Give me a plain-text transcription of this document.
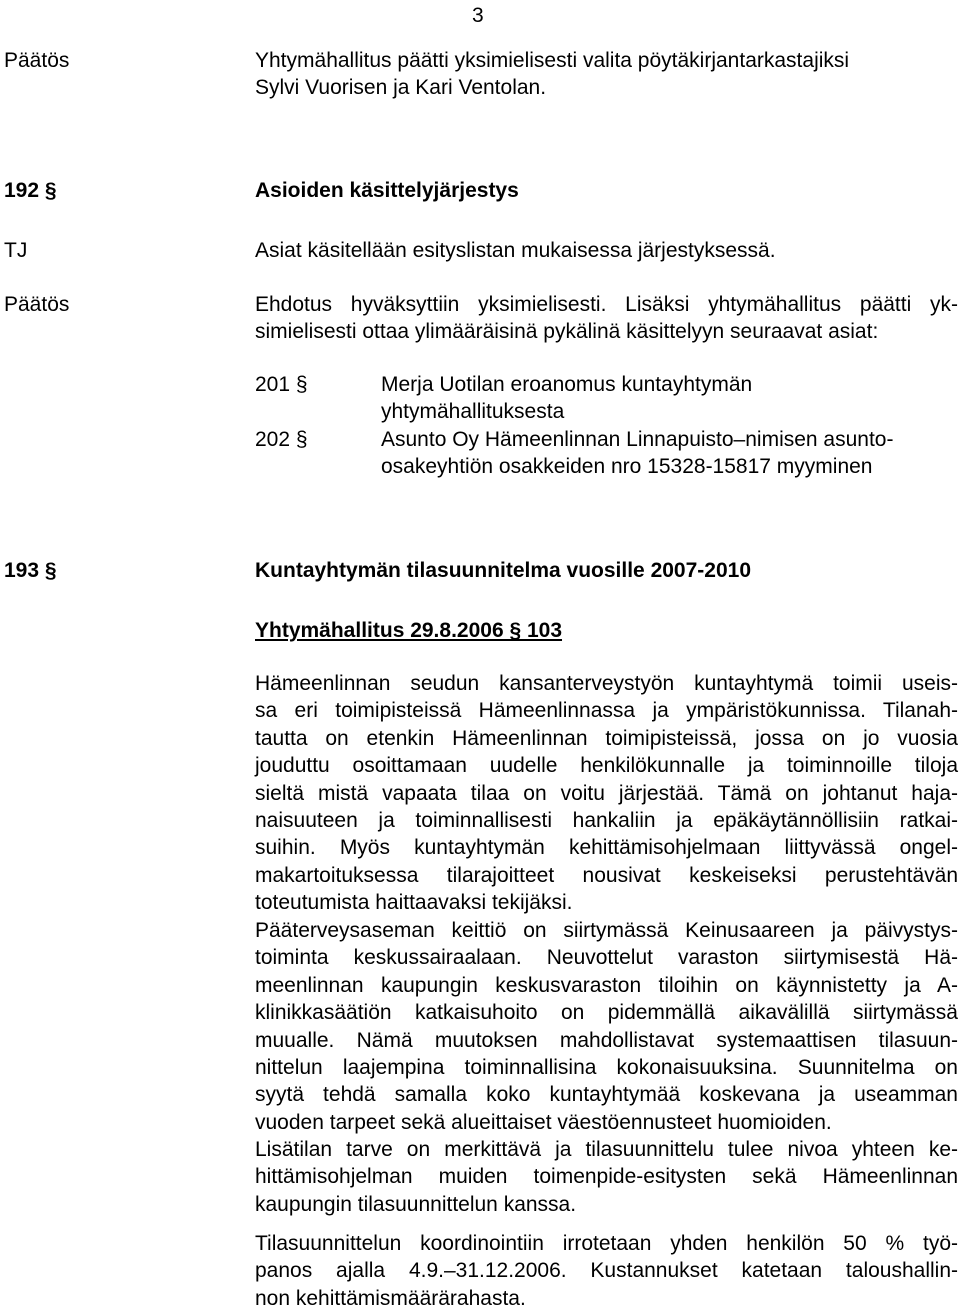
3
Päätös	Yhtymähallitus päätti yksimielisesti valita pöytäkirjantarkastajiksi
Sylvi Vuorisen ja Kari Ventolan.
192 §	Asioiden käsittelyjärjestys
TJ	Asiat käsitellään esityslistan mukaisessa järjestyksessä.
Päätös	Ehdotus hyväksyttiin yksimielisesti. Lisäksi yhtymähallitus päätti yk-
simielisesti ottaa ylimääräisinä pykälinä käsittelyyn seuraavat asiat:
201 §	Merja Uotilan eroanomus kuntayhtymän
yhtymähallituksesta
202 §	Asunto Oy Hämeenlinnan Linnapuisto–nimisen asunto-
osakeyhtiön osakkeiden nro 15328-15817 myyminen
193 §	Kuntayhtymän tilasuunnitelma vuosille 2007-2010
Yhtymähallitus 29.8.2006 § 103
Hämeenlinnan seudun kansanterveystyön kuntayhtymä toimii useis-
sa eri toimipisteissä Hämeenlinnassa ja ympäristökunnissa. Tilanah-
tautta on etenkin Hämeenlinnan toimipisteissä, jossa on jo vuosia
jouduttu osoittamaan uudelle henkilökunnalle ja toiminnoille tiloja
sieltä mistä vapaata tilaa on voitu järjestää. Tämä on johtanut haja-
naisuuteen ja toiminnallisesti hankaliin ja epäkäytännöllisiin ratkai-
suihin. Myös kuntayhtymän kehittämisohjelmaan liittyvässä ongel-
makartoituksessa tilarajoitteet nousivat keskeiseksi perustehtävän
toteutumista haittaavaksi tekijäksi.
Pääterveysaseman keittiö on siirtymässä Keinusaareen ja päivystys-
toiminta keskussairaalaan. Neuvottelut varaston siirtymisestä Hä-
meenlinnan kaupungin keskusvaraston tiloihin on käynnistetty ja A-
klinikkasäätiön katkaisuhoito on pidemmällä aikavälillä siirtymässä
muualle. Nämä muutoksen mahdollistavat systemaattisen tilasuun-
nittelun laajempina toiminnallisina kokonaisuuksina. Suunnitelma on
syytä tehdä samalla koko kuntayhtymää koskevana ja useamman
vuoden tarpeet sekä alueittaiset väestöennusteet huomioiden.
Lisätilan tarve on merkittävä ja tilasuunnittelu tulee nivoa yhteen ke-
hittämisohjelman muiden toimenpide-esitysten sekä Hämeenlinnan
kaupungin tilasuunnittelun kanssa.
Tilasuunnittelun koordinointiin irrotetaan yhden henkilön 50 % työ-
panos ajalla 4.9.–31.12.2006. Kustannukset katetaan taloushallin-
non kehittämismäärärahasta.
